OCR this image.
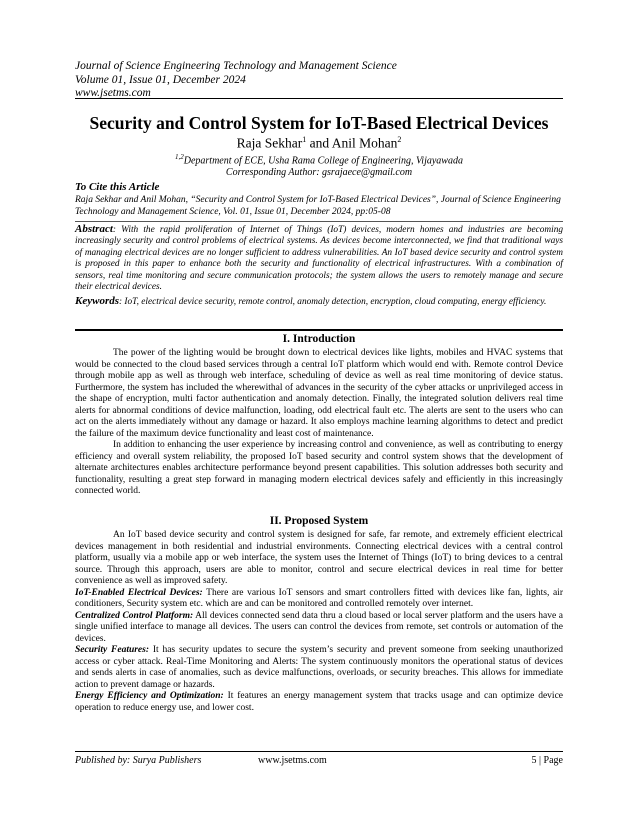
Journal of Science Engineering Technology and Management Science
Volume 01, Issue 01, December 2024
www.jsetms.com
Security and Control System for IoT-Based Electrical Devices
Raja Sekhar$^1$ and Anil Mohan$^2$
$^{1,2}$Department of ECE, Usha Rama College of Engineering, Vijayawada
Corresponding Author: gsrajaece@gmail.com
To Cite this Article
Raja Sekhar and Anil Mohan, “Security and Control System for IoT-Based Electrical Devices”, Journal of Science Engineering Technology and Management Science, Vol. 01, Issue 01, December 2024, pp:05-08
Abstract: With the rapid proliferation of Internet of Things (IoT) devices, modern homes and industries are becoming increasingly security and control problems of electrical systems. As devices become interconnected, we find that traditional ways of managing electrical devices are no longer sufficient to address vulnerabilities. An IoT based device security and control system is proposed in this paper to enhance both the security and functionality of electrical infrastructures. With a combination of sensors, real time monitoring and secure communication protocols; the system allows the users to remotely manage and secure their electrical devices.
Keywords: IoT, electrical device security, remote control, anomaly detection, encryption, cloud computing, energy efficiency.
I. Introduction

The power of the lighting would be brought down to electrical devices like lights, mobiles and HVAC systems that would be connected to the cloud based services through a central IoT platform which would end with. Remote control Device through mobile app as well as through web interface, scheduling of device as well as real time monitoring of device status. Furthermore, the system has included the wherewithal of advances in the security of the cyber attacks or unprivileged access in the shape of encryption, multi factor authentication and anomaly detection. Finally, the integrated solution delivers real time alerts for abnormal conditions of device malfunction, loading, odd electrical fault etc. The alerts are sent to the users who can act on the alerts immediately without any damage or hazard. It also employs machine learning algorithms to detect and predict the failure of the maximum device functionality and least cost of maintenance.

In addition to enhancing the user experience by increasing control and convenience, as well as contributing to energy efficiency and overall system reliability, the proposed IoT based security and control system shows that the development of alternate architectures enables architecture performance beyond present capabilities. This solution addresses both security and functionality, resulting a great step forward in managing modern electrical devices safely and efficiently in this increasingly connected world.

II. Proposed System

An IoT based device security and control system is designed for safe, far remote, and extremely efficient electrical devices management in both residential and industrial environments. Connecting electrical devices with a central control platform, usually via a mobile app or web interface, the system uses the Internet of Things (IoT) to bring devices to a central source. Through this approach, users are able to monitor, control and secure electrical devices in real time for better convenience as well as improved safety.

IoT-Enabled Electrical Devices: There are various IoT sensors and smart controllers fitted with devices like fan, lights, air conditioners, Security system etc. which are and can be monitored and controlled remotely over internet.

Centralized Control Platform: All devices connected send data thru a cloud based or local server platform and the users have a single unified interface to manage all devices. The users can control the devices from remote, set controls or automation of the devices.

Security Features: It has security updates to secure the system’s security and prevent someone from seeking unauthorized access or cyber attack. Real-Time Monitoring and Alerts: The system continuously monitors the operational status of devices and sends alerts in case of anomalies, such as device malfunctions, overloads, or security breaches. This allows for immediate action to prevent damage or hazards.

Energy Efficiency and Optimization: It features an energy management system that tracks usage and can optimize device operation to reduce energy use, and lower cost.

Published by: Surya Publishers	www.jsetms.com	5 | Page
